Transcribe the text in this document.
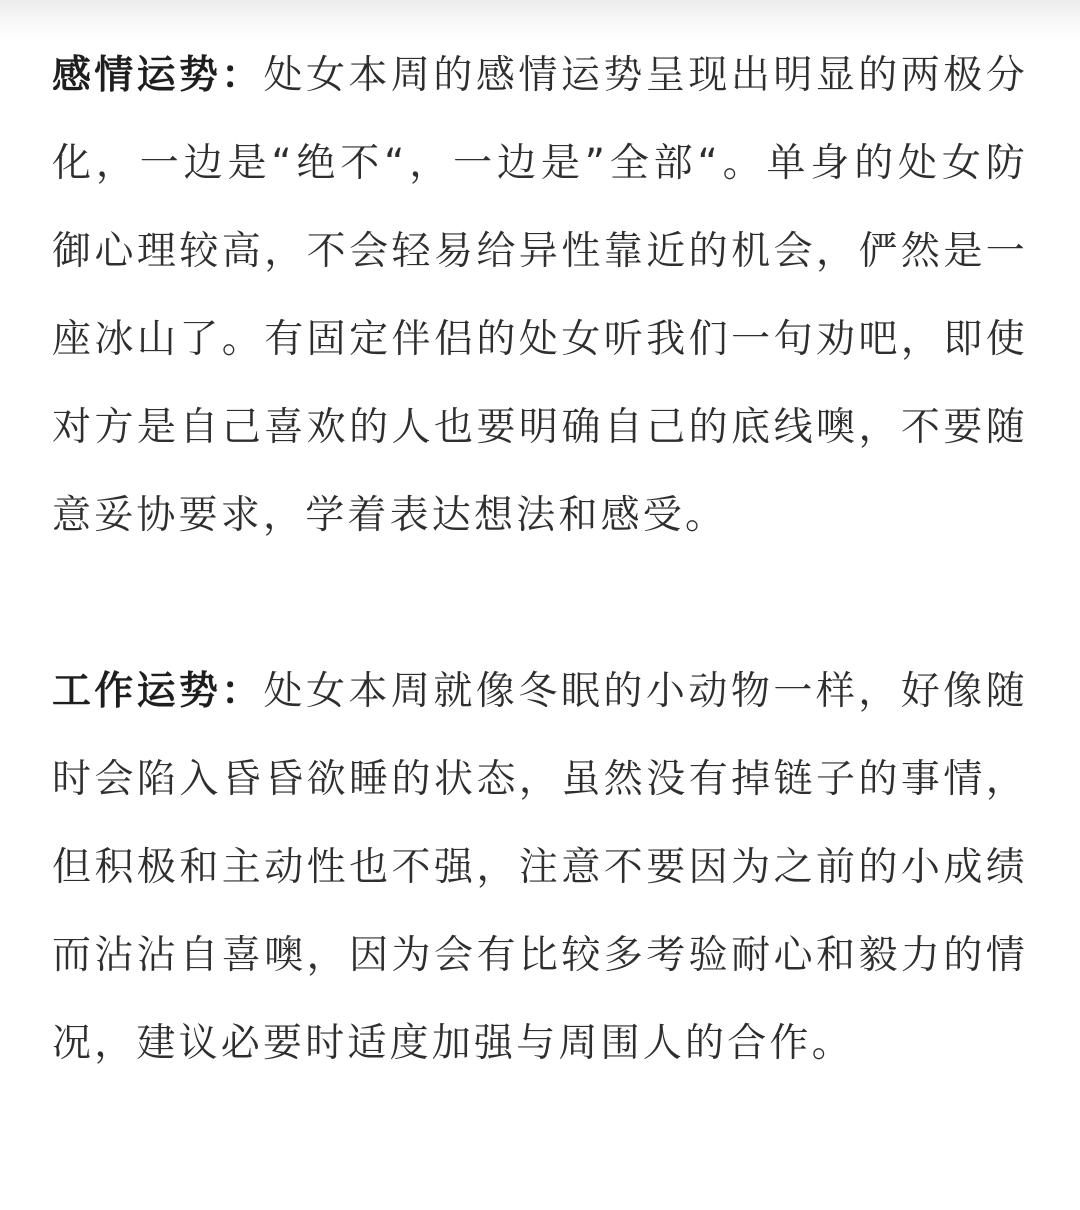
感情运势：处女本周的感情运势呈现出明显的两极分化，一边是“绝不“，一边是”全部“。单身的处女防御心理较高，不会轻易给异性靠近的机会，俨然是一座冰山了。有固定伴侣的处女听我们一句劝吧，即使对方是自己喜欢的人也要明确自己的底线噢，不要随意妥协要求，学着表达想法和感受。

工作运势：处女本周就像冬眠的小动物一样，好像随时会陷入昏昏欲睡的状态，虽然没有掉链子的事情，但积极和主动性也不强，注意不要因为之前的小成绩而沾沾自喜噢，因为会有比较多考验耐心和毅力的情况，建议必要时适度加强与周围人的合作。
